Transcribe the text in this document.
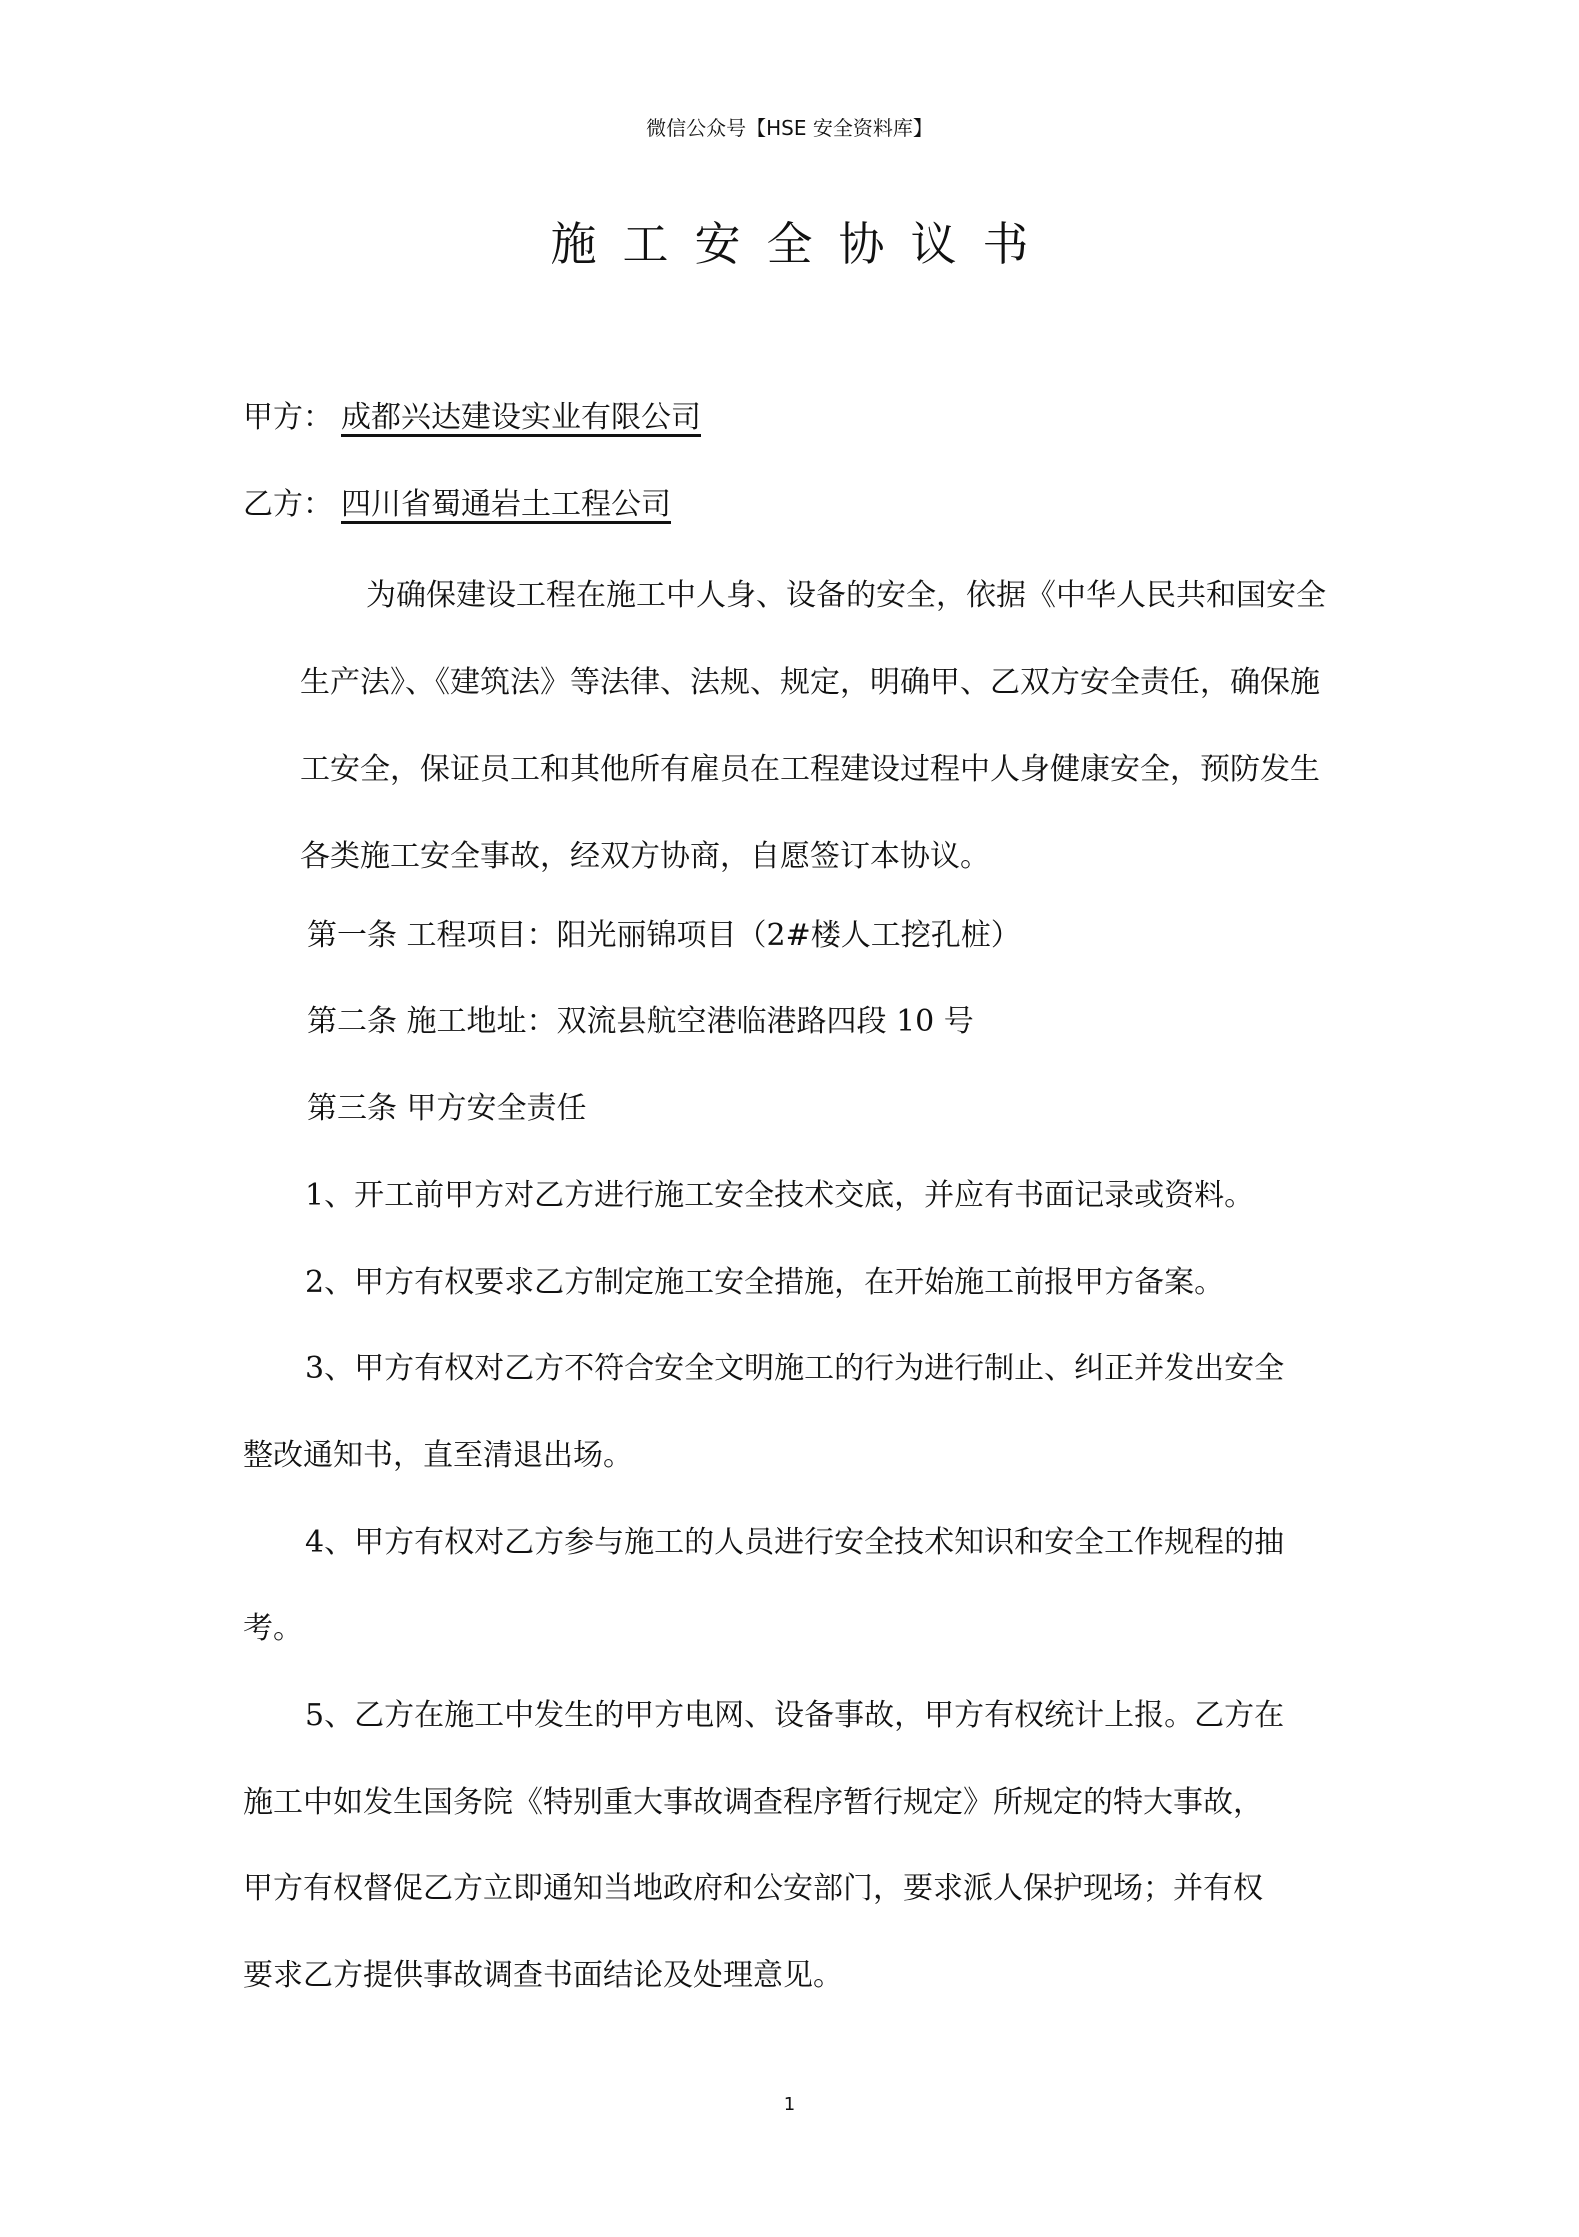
微信公众号【HSE 安全资料库】
施工安全协议书
甲方： 成都兴达建设实业有限公司
乙方： 四川省蜀通岩土工程公司
为确保建设工程在施工中人身、设备的安全，依据《中华人民共和国安全生产法》、《建筑法》等法律、法规、规定，明确甲、乙双方安全责任，确保施工安全，保证员工和其他所有雇员在工程建设过程中人身健康安全，预防发生各类施工安全事故，经双方协商，自愿签订本协议。
第一条 工程项目：阳光丽锦项目（2#楼人工挖孔桩）
第二条 施工地址：双流县航空港临港路四段 10 号
第三条 甲方安全责任
1、开工前甲方对乙方进行施工安全技术交底，并应有书面记录或资料。
2、甲方有权要求乙方制定施工安全措施，在开始施工前报甲方备案。
3、甲方有权对乙方不符合安全文明施工的行为进行制止、纠正并发出安全
整改通知书，直至清退出场。
4、甲方有权对乙方参与施工的人员进行安全技术知识和安全工作规程的抽
考。
5、乙方在施工中发生的甲方电网、设备事故，甲方有权统计上报。乙方在
施工中如发生国务院《特别重大事故调查程序暂行规定》所规定的特大事故，
甲方有权督促乙方立即通知当地政府和公安部门，要求派人保护现场；并有权
要求乙方提供事故调查书面结论及处理意见。
1
